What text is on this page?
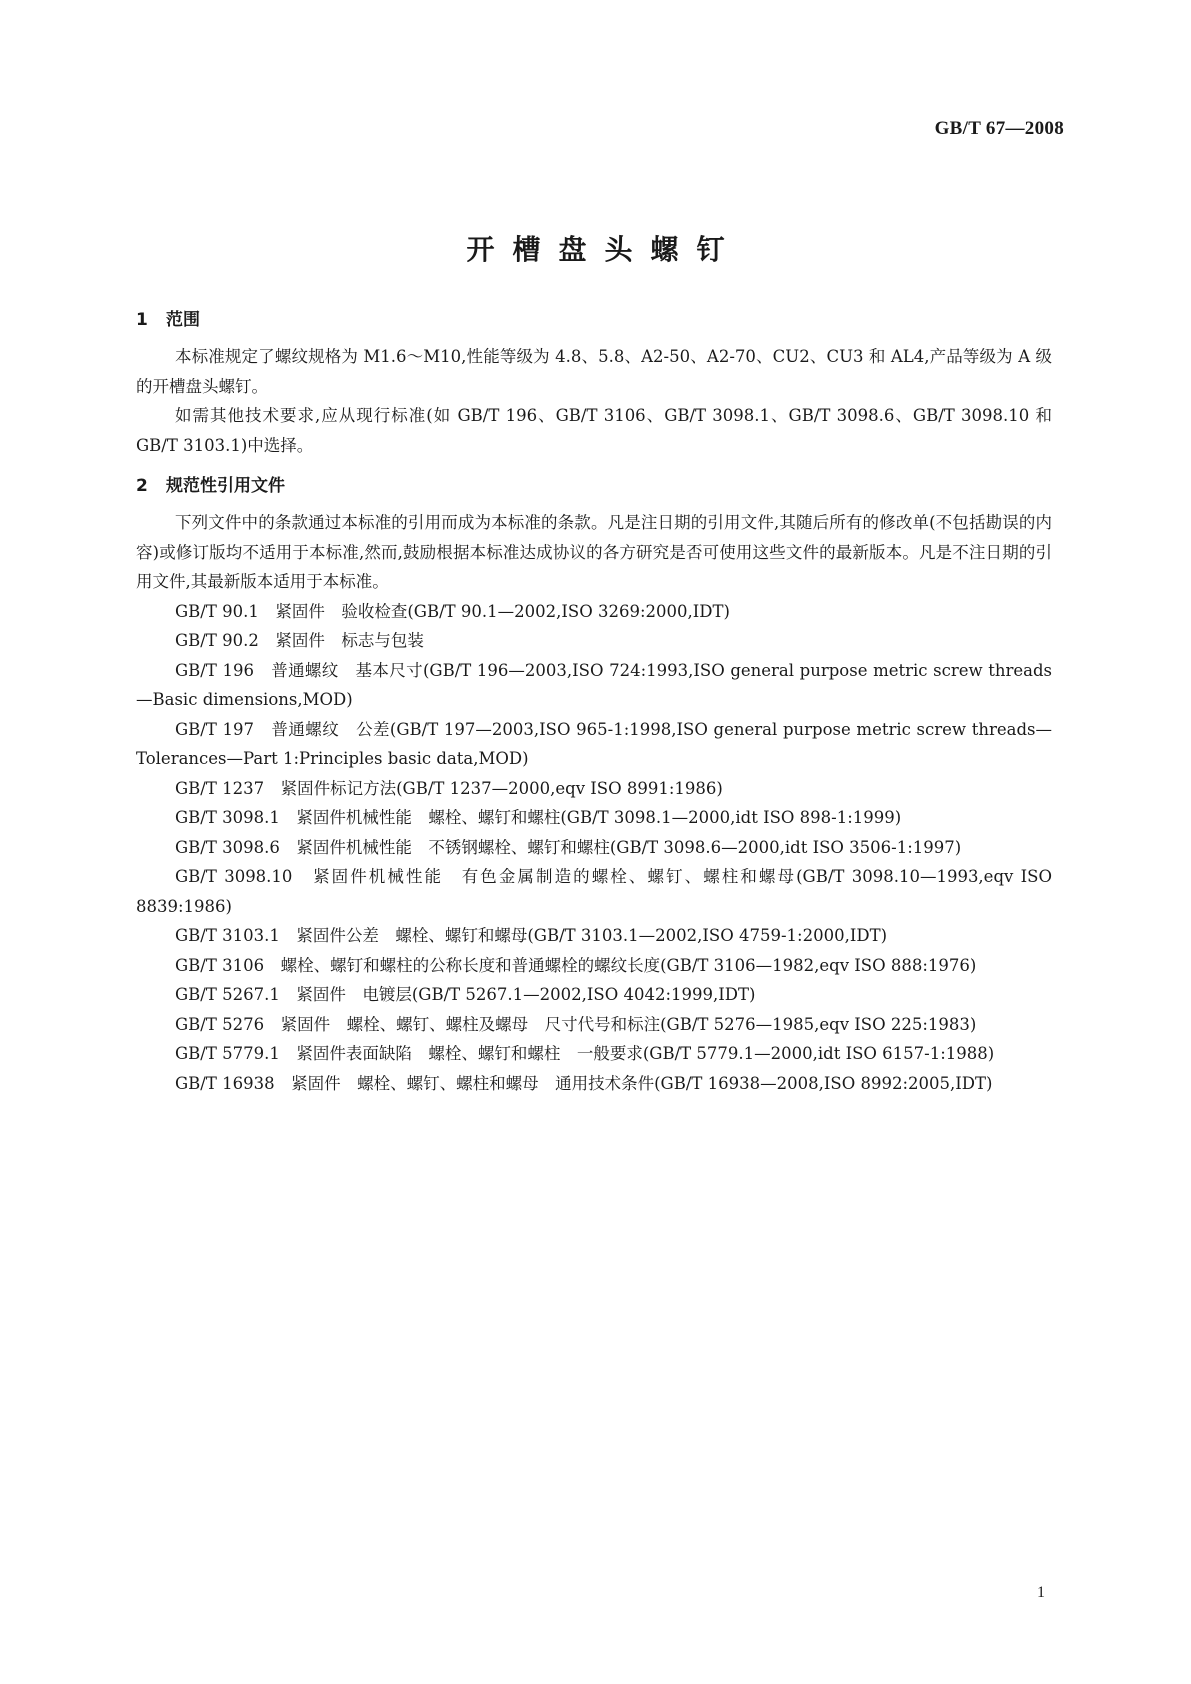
GB/T 67—2008
开槽盘头螺钉
1 范围

本标准规定了螺纹规格为 M1.6～M10,性能等级为 4.8、5.8、A2-50、A2-70、CU2、CU3 和 AL4,产品等级为 A 级的开槽盘头螺钉。

如需其他技术要求,应从现行标准(如 GB/T 196、GB/T 3106、GB/T 3098.1、GB/T 3098.6、GB/T 3098.10 和 GB/T 3103.1)中选择。

2 规范性引用文件

下列文件中的条款通过本标准的引用而成为本标准的条款。凡是注日期的引用文件,其随后所有的修改单(不包括勘误的内容)或修订版均不适用于本标准,然而,鼓励根据本标准达成协议的各方研究是否可使用这些文件的最新版本。凡是不注日期的引用文件,其最新版本适用于本标准。

GB/T 90.1　紧固件　验收检查(GB/T 90.1—2002,ISO 3269:2000,IDT)

GB/T 90.2　紧固件　标志与包装

GB/T 196　普通螺纹　基本尺寸(GB/T 196—2003,ISO 724:1993,ISO general purpose metric screw threads—Basic dimensions,MOD)

GB/T 197　普通螺纹　公差(GB/T 197—2003,ISO 965-1:1998,ISO general purpose metric screw threads—Tolerances—Part 1:Principles basic data,MOD)

GB/T 1237　紧固件标记方法(GB/T 1237—2000,eqv ISO 8991:1986)

GB/T 3098.1　紧固件机械性能　螺栓、螺钉和螺柱(GB/T 3098.1—2000,idt ISO 898-1:1999)

GB/T 3098.6　紧固件机械性能　不锈钢螺栓、螺钉和螺柱(GB/T 3098.6—2000,idt ISO 3506-1:1997)

GB/T 3098.10　紧固件机械性能　有色金属制造的螺栓、螺钉、螺柱和螺母(GB/T 3098.10—1993,eqv ISO 8839:1986)

GB/T 3103.1　紧固件公差　螺栓、螺钉和螺母(GB/T 3103.1—2002,ISO 4759-1:2000,IDT)

GB/T 3106　螺栓、螺钉和螺柱的公称长度和普通螺栓的螺纹长度(GB/T 3106—1982,eqv ISO 888:1976)

GB/T 5267.1　紧固件　电镀层(GB/T 5267.1—2002,ISO 4042:1999,IDT)

GB/T 5276　紧固件　螺栓、螺钉、螺柱及螺母　尺寸代号和标注(GB/T 5276—1985,eqv ISO 225:1983)

GB/T 5779.1　紧固件表面缺陷　螺栓、螺钉和螺柱　一般要求(GB/T 5779.1—2000,idt ISO 6157-1:1988)

GB/T 16938　紧固件　螺栓、螺钉、螺柱和螺母　通用技术条件(GB/T 16938—2008,ISO 8992:2005,IDT)

1
